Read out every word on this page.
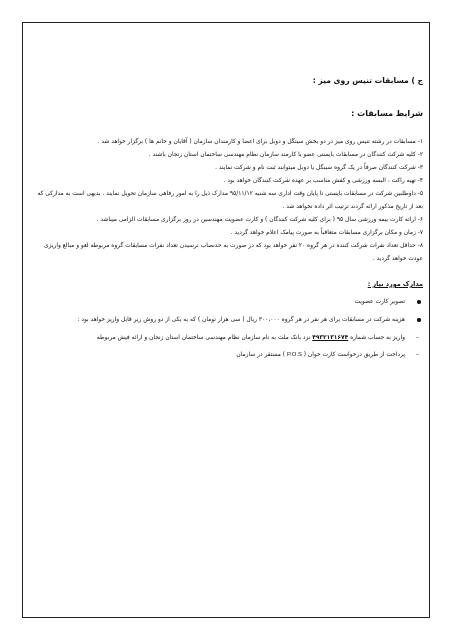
ج ) مسابقات تنیس روی میز :
شرایط مسابقات :
۱- مسابقات در رشته تنیس روی میز در دو بخش سینگل و دوبل برای اعضا و کارمندان سازمان ( آقایان و خانم ها ) برگزار خواهد شد .
۲- کلیه شرکت کنندگان در مسابقات بایستی عضو یا کارمند سازمان نظام مهندسی ساختمان استان زنجان باشند .
۳- شرکت کنندگان صرفاً در یک گروه سینگل یا دوبل میتوانند ثبت نام و شرکت نمایند .
۴- تهیه راکت ، البسه ورزشی و کفش مناسب بر عهده شرکت کنندگان خواهد بود .
۵- داوطلبین شرکت در مسابقات بایستی تا پایان وقت اداری سه شنبه ۹۵/۱۱/۱۲ مدارک ذیل را به امور رفاهی سازمان تحویل نمایند . بدیهی است به مدارکی که بعد از تاریخ مذکور ارائه گردند ترتیب اثر داده نخواهد شد .
۶- ارائه کارت بیمه ورزشی سال ۹۵ ( برای کلیه شرکت کنندگان ) و کارت عضویت مهندسین در روز برگزاری مسابقات الزامی میباشد .
۷- زمان و مکان برگزاری مسابقات متعاقباً به صورت پیامک اعلام خواهد گردید .
۸- حداقل تعداد نفرات شرکت کننده در هر گروه ۲۰ نفر خواهد بود که در صورت به حدنصاب نرسیدن تعداد نفرات مسابقات گروه مربوطه لغو و مبالغ واریزی عودت خواهد گردید .
مدارک مورد نیاز :
تصویر کارت عضویت
هزینه شرکت در مسابقات برای هر نفر در هر گروه ۳۰۰،۰۰۰ ریال ( سی هزار تومان ) که به یکی از دو روش زیر قابل واریز خواهد بود :
– واریز به حساب شماره ۴۹۳۲۱۳۱۶۷۴ نزد بانک ملت به نام سازمان نظام مهندسی ساختمان استان زنجان و ارائه فیش مربوطه
– پرداخت از طریق درخواست کارت خوان ( P.O.S ) مستقر در سازمان
